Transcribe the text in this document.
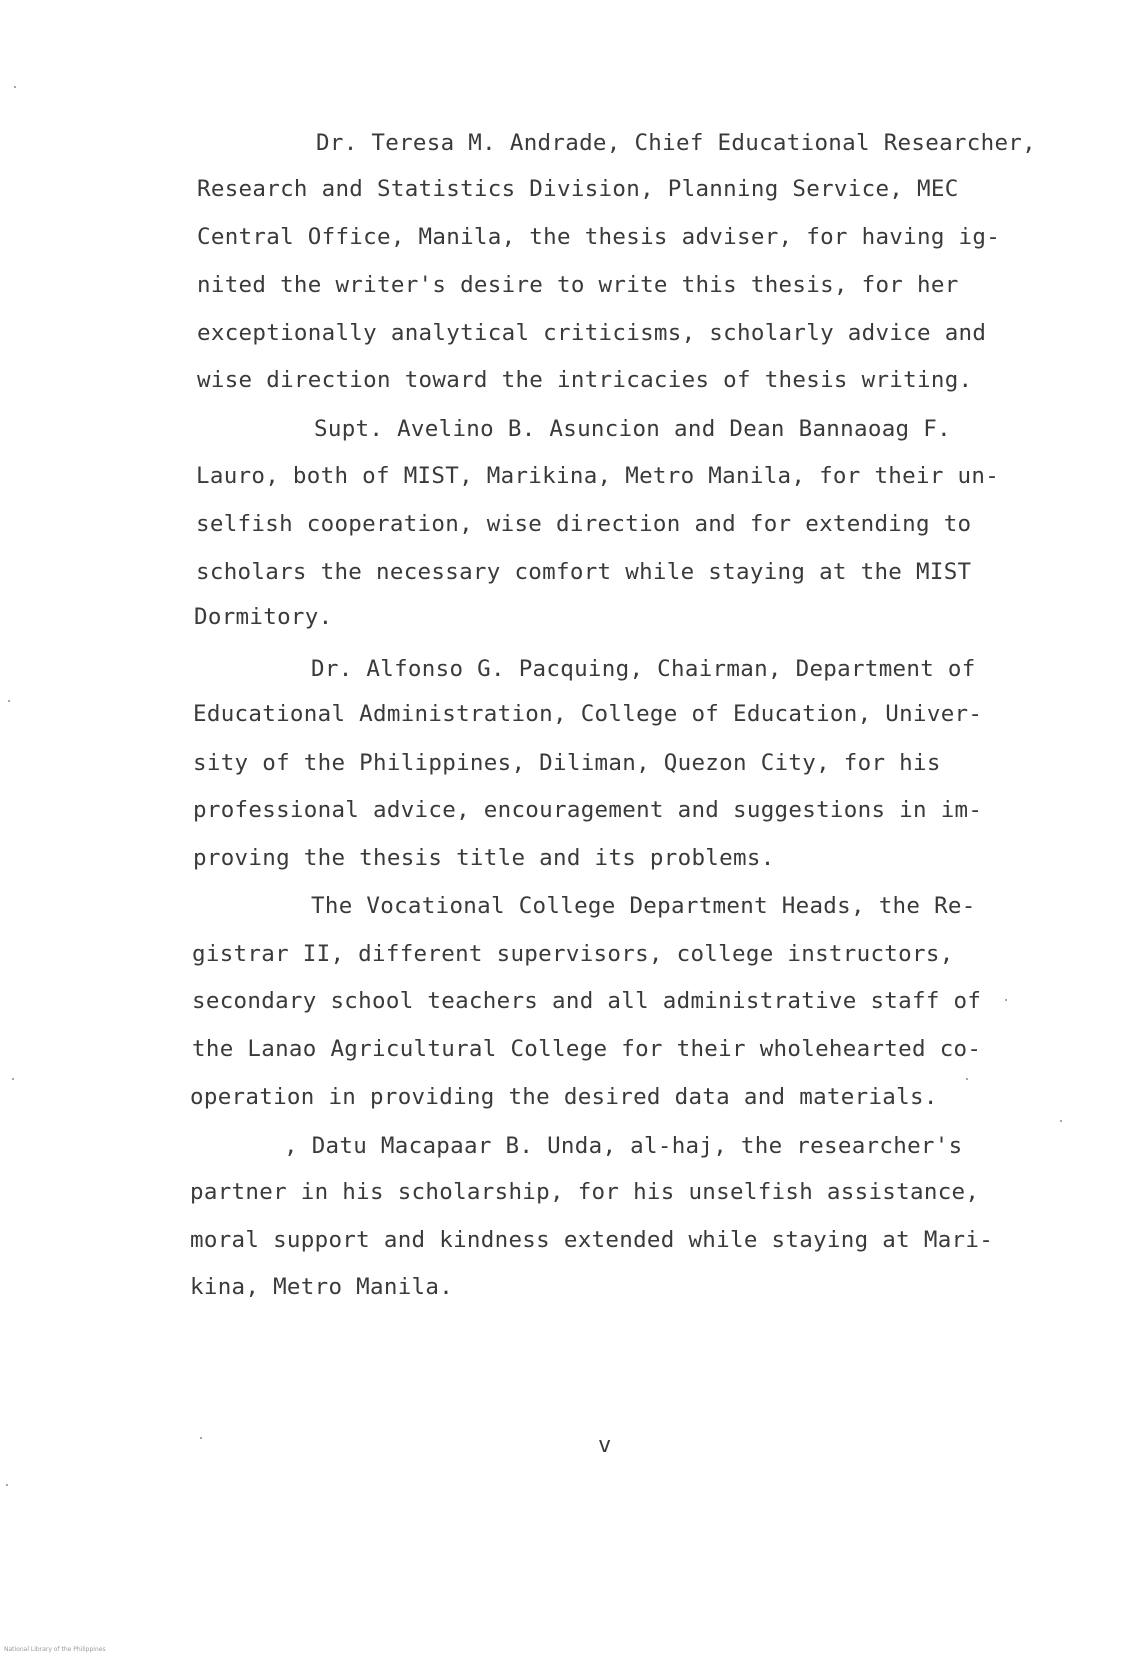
Dr. Teresa M. Andrade, Chief Educational Researcher,
Research and Statistics Division, Planning Service, MEC
Central Office, Manila, the thesis adviser, for having ig-
nited the writer's desire to write this thesis, for her
exceptionally analytical criticisms, scholarly advice and
wise direction toward the intricacies of thesis writing.
Supt. Avelino B. Asuncion and Dean Bannaoag F.
Lauro, both of MIST, Marikina, Metro Manila, for their un-
selfish cooperation, wise direction and for extending to
scholars the necessary comfort while staying at the MIST
Dormitory.
Dr. Alfonso G. Pacquing, Chairman, Department of
Educational Administration, College of Education, Univer-
sity of the Philippines, Diliman, Quezon City, for his
professional advice, encouragement and suggestions in im-
proving the thesis title and its problems.
The Vocational College Department Heads, the Re-
gistrar II, different supervisors, college instructors,
secondary school teachers and all administrative staff of
the Lanao Agricultural College for their wholehearted co-
operation in providing the desired data and materials.
, Datu Macapaar B. Unda, al-haj, the researcher's
partner in his scholarship, for his unselfish assistance,
moral support and kindness extended while staying at Mari-
kina, Metro Manila.
v
National Library of the Philippines
